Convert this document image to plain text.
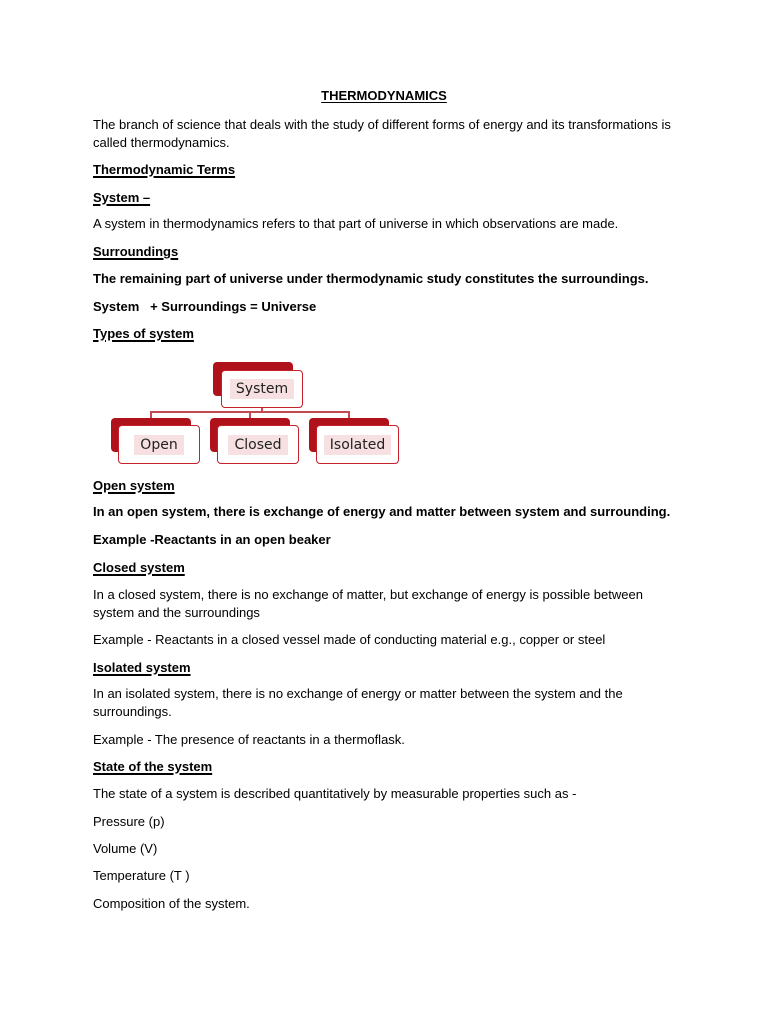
THERMODYNAMICS

The branch of science that deals with the study of different forms of energy and its transformations is called thermodynamics.

Thermodynamic Terms

System –

A system in thermodynamics refers to that part of universe in which observations are made.

Surroundings

The remaining part of universe under thermodynamic study constitutes the surroundings.

System   + Surroundings = Universe

Types of system

System
Open	Closed	Isolated

Open system

In an open system, there is exchange of energy and matter between system and surrounding.

Example -Reactants in an open beaker

Closed system

In a closed system, there is no exchange of matter, but exchange of energy is possible between system and the surroundings

Example - Reactants in a closed vessel made of conducting material e.g., copper or steel

Isolated system

In an isolated system, there is no exchange of energy or matter between the system and the surroundings.

Example - The presence of reactants in a thermoflask.

State of the system

The state of a system is described quantitatively by measurable properties such as -

Pressure (p)

Volume (V)

Temperature (T )

Composition of the system.
